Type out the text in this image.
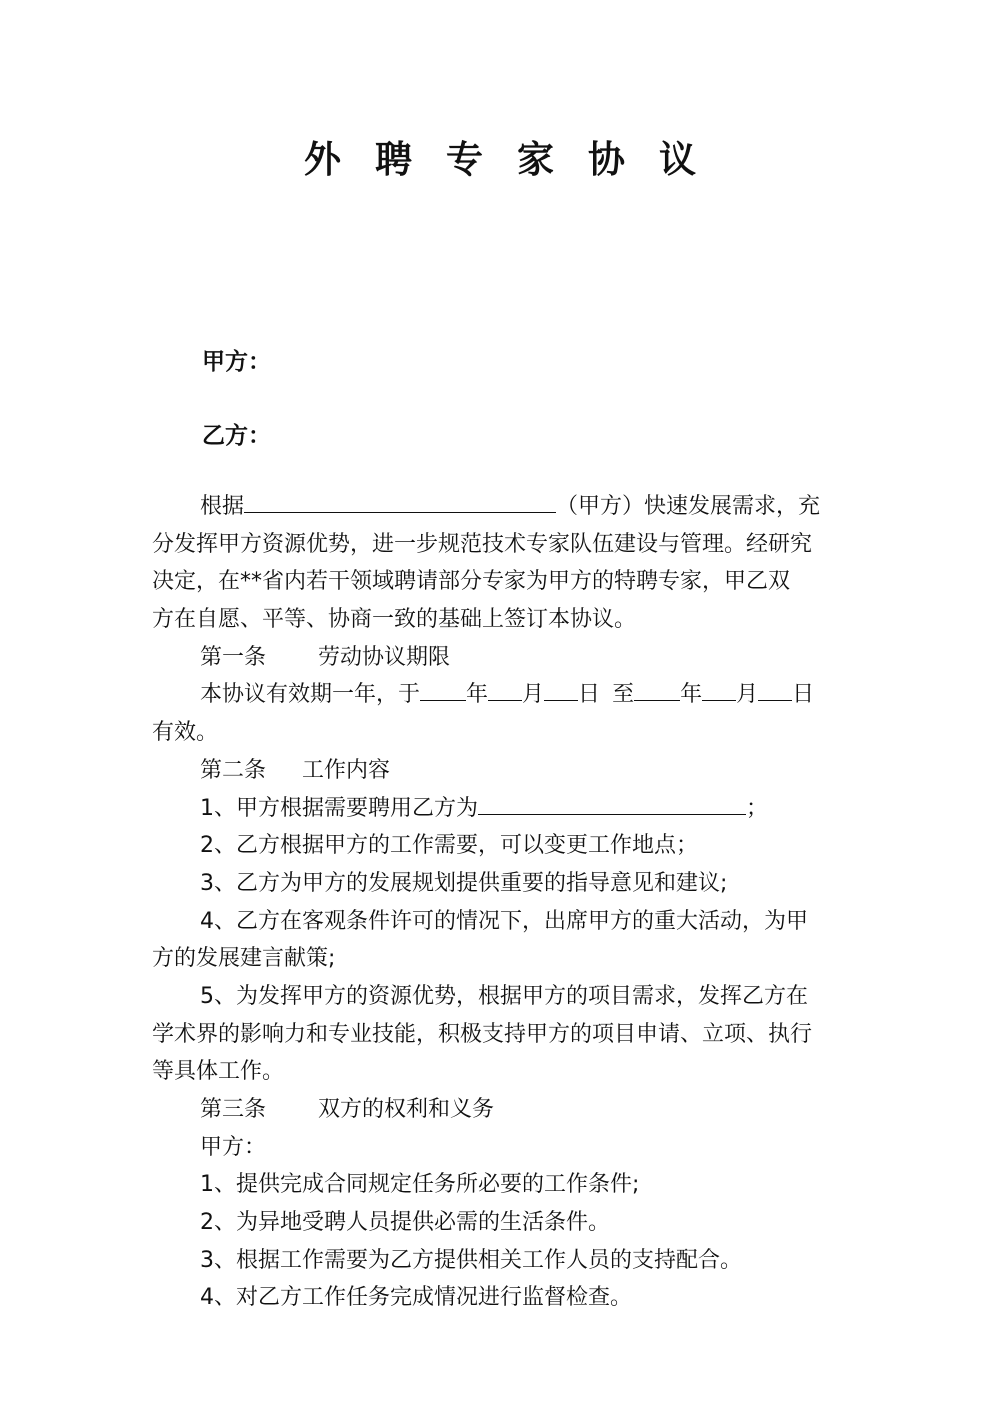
外聘专家协议
甲方：
乙方：
根据	（甲方）快速发展需求，充
分发挥甲方资源优势，进一步规范技术专家队伍建设与管理。经研究
决定，在**省内若干领域聘请部分专家为甲方的特聘专家，甲乙双
方在自愿、平等、协商一致的基础上签订本协议。
第一条 劳动协议期限
本协议有效期一年，于 年 月 日 至 年 月 日
有效。
第二条 工作内容
1、甲方根据需要聘用乙方为	；
2、乙方根据甲方的工作需要，可以变更工作地点；
3、乙方为甲方的发展规划提供重要的指导意见和建议;
4、乙方在客观条件许可的情况下，出席甲方的重大活动，为甲
方的发展建言献策;
5、为发挥甲方的资源优势，根据甲方的项目需求，发挥乙方在
学术界的影响力和专业技能，积极支持甲方的项目申请、立项、执行
等具体工作。
第三条 双方的权利和义务
甲方：
1、提供完成合同规定任务所必要的工作条件;
2、为异地受聘人员提供必需的生活条件。
3、根据工作需要为乙方提供相关工作人员的支持配合。
4、对乙方工作任务完成情况进行监督检查。
